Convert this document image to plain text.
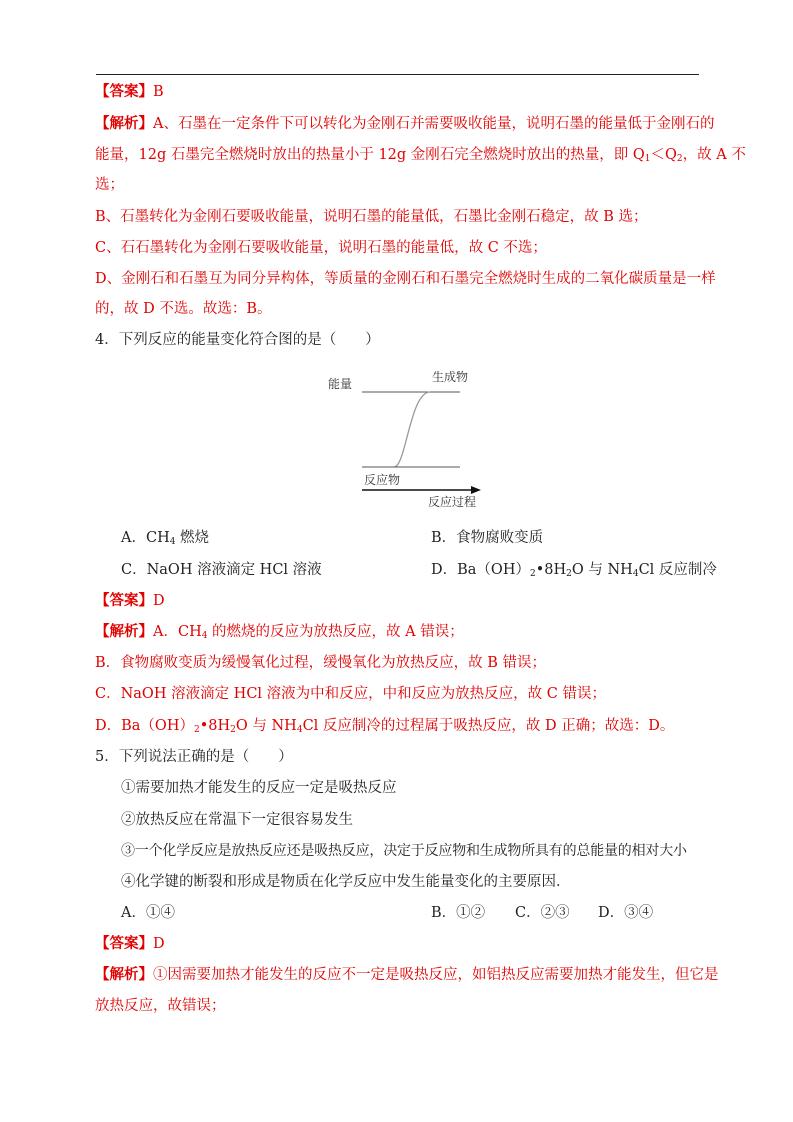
【答案】B
【解析】A、石墨在一定条件下可以转化为金刚石并需要吸收能量，说明石墨的能量低于金刚石的
能量，12g 石墨完全燃烧时放出的热量小于 12g 金刚石完全燃烧时放出的热量，即 $Q_1<Q_2$，故 A 不
选；
B、石墨转化为金刚石要吸收能量，说明石墨的能量低，石墨比金刚石稳定，故 B 选；
C、石石墨转化为金刚石要吸收能量，说明石墨的能量低，故 C 不选；
D、金刚石和石墨互为同分异构体，等质量的金刚石和石墨完全燃烧时生成的二氧化碳质量是一样
的，故 D 不选。故选：B。
4．下列反应的能量变化符合图的是（　　）
能量	生成物
反应物
反应过程
A．$CH_4$ 燃烧	B．食物腐败变质
C．NaOH 溶液滴定 HCl 溶液	D．$Ba(OH)_2•8H_2O$ 与 $NH_4Cl$ 反应制冷
【答案】D
【解析】A．$CH_4$ 的燃烧的反应为放热反应，故 A 错误；
B．食物腐败变质为缓慢氧化过程，缓慢氧化为放热反应，故 B 错误；
C．NaOH 溶液滴定 HCl 溶液为中和反应，中和反应为放热反应，故 C 错误；
D．$Ba(OH)_2•8H_2O$ 与 $NH_4Cl$ 反应制冷的过程属于吸热反应，故 D 正确；故选：D。
5．下列说法正确的是（　　）
①需要加热才能发生的反应一定是吸热反应
②放热反应在常温下一定很容易发生
③一个化学反应是放热反应还是吸热反应，决定于反应物和生成物所具有的总能量的相对大小
④化学键的断裂和形成是物质在化学反应中发生能量变化的主要原因．
A．①④	B．①② C．②③ D．③④
【答案】D
【解析】①因需要加热才能发生的反应不一定是吸热反应，如铝热反应需要加热才能发生，但它是
放热反应，故错误；
